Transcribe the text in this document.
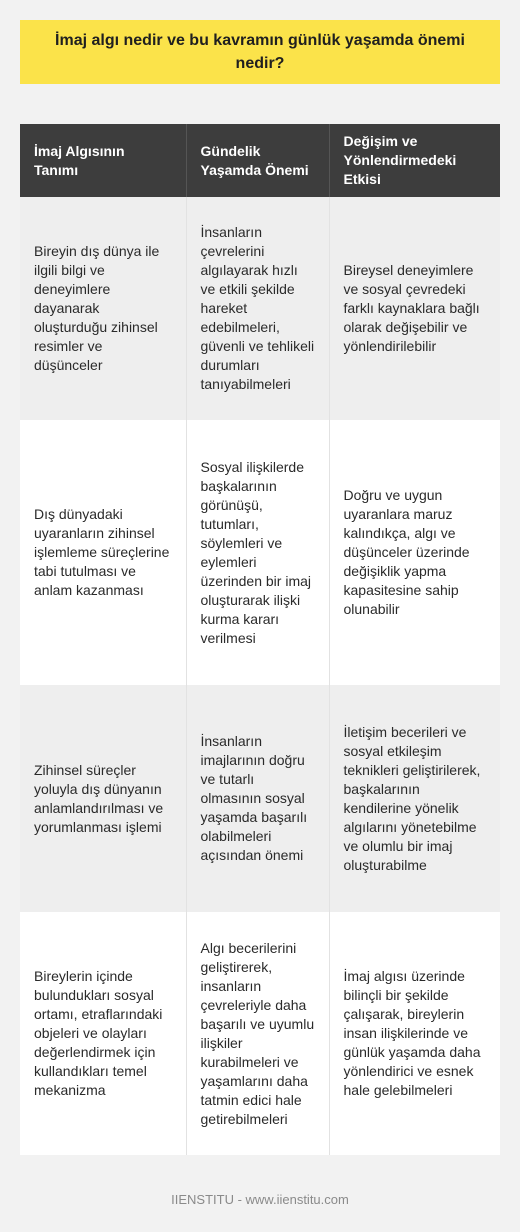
İmaj algı nedir ve bu kavramın günlük yaşamda önemi nedir?
İmaj Algısının Tanımı	Gündelik Yaşamda Önemi	Değişim ve Yönlendirmedeki Etkisi
Bireyin dış dünya ile ilgili bilgi ve deneyimlere dayanarak oluşturduğu zihinsel resimler ve düşünceler	İnsanların çevrelerini algılayarak hızlı ve etkili şekilde hareket edebilmeleri, güvenli ve tehlikeli durumları tanıyabilmeleri	Bireysel deneyimlere ve sosyal çevredeki farklı kaynaklara bağlı olarak değişebilir ve yönlendirilebilir
Dış dünyadaki uyaranların zihinsel işlemleme süreçlerine tabi tutulması ve anlam kazanması	Sosyal ilişkilerde başkalarının görünüşü, tutumları, söylemleri ve eylemleri üzerinden bir imaj oluşturarak ilişki kurma kararı verilmesi	Doğru ve uygun uyaranlara maruz kalındıkça, algı ve düşünceler üzerinde değişiklik yapma kapasitesine sahip olunabilir
Zihinsel süreçler yoluyla dış dünyanın anlamlandırılması ve yorumlanması işlemi	İnsanların imajlarının doğru ve tutarlı olmasının sosyal yaşamda başarılı olabilmeleri açısından önemi	İletişim becerileri ve sosyal etkileşim teknikleri geliştirilerek, başkalarının kendilerine yönelik algılarını yönetebilme ve olumlu bir imaj oluşturabilme
Bireylerin içinde bulundukları sosyal ortamı, etraflarındaki objeleri ve olayları değerlendirmek için kullandıkları temel mekanizma	Algı becerilerini geliştirerek, insanların çevreleriyle daha başarılı ve uyumlu ilişkiler kurabilmeleri ve yaşamlarını daha tatmin edici hale getirebilmeleri	İmaj algısı üzerinde bilinçli bir şekilde çalışarak, bireylerin insan ilişkilerinde ve günlük yaşamda daha yönlendirici ve esnek hale gelebilmeleri
IIENSTITU - www.iienstitu.com
